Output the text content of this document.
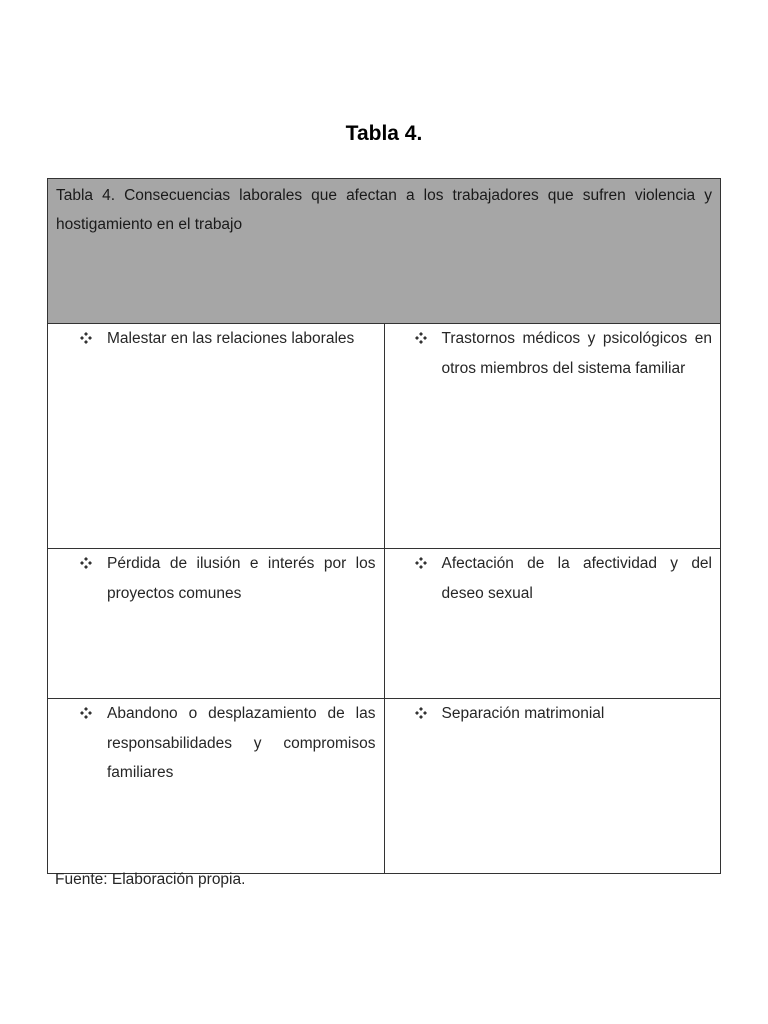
Tabla 4.
Tabla 4. Consecuencias laborales que afectan a los trabajadores que sufren violencia y hostigamiento en el trabajo	

Malestar en las relaciones laborales	Trastornos médicos y psicológicos en otros miembros del sistema familiar

Pérdida de ilusión e interés por los proyectos comunes	Afectación de la afectividad y del deseo sexual

Abandono o desplazamiento de las responsabilidades y compromisos familiares	Separación matrimonial

Fuente: Elaboración propia.
